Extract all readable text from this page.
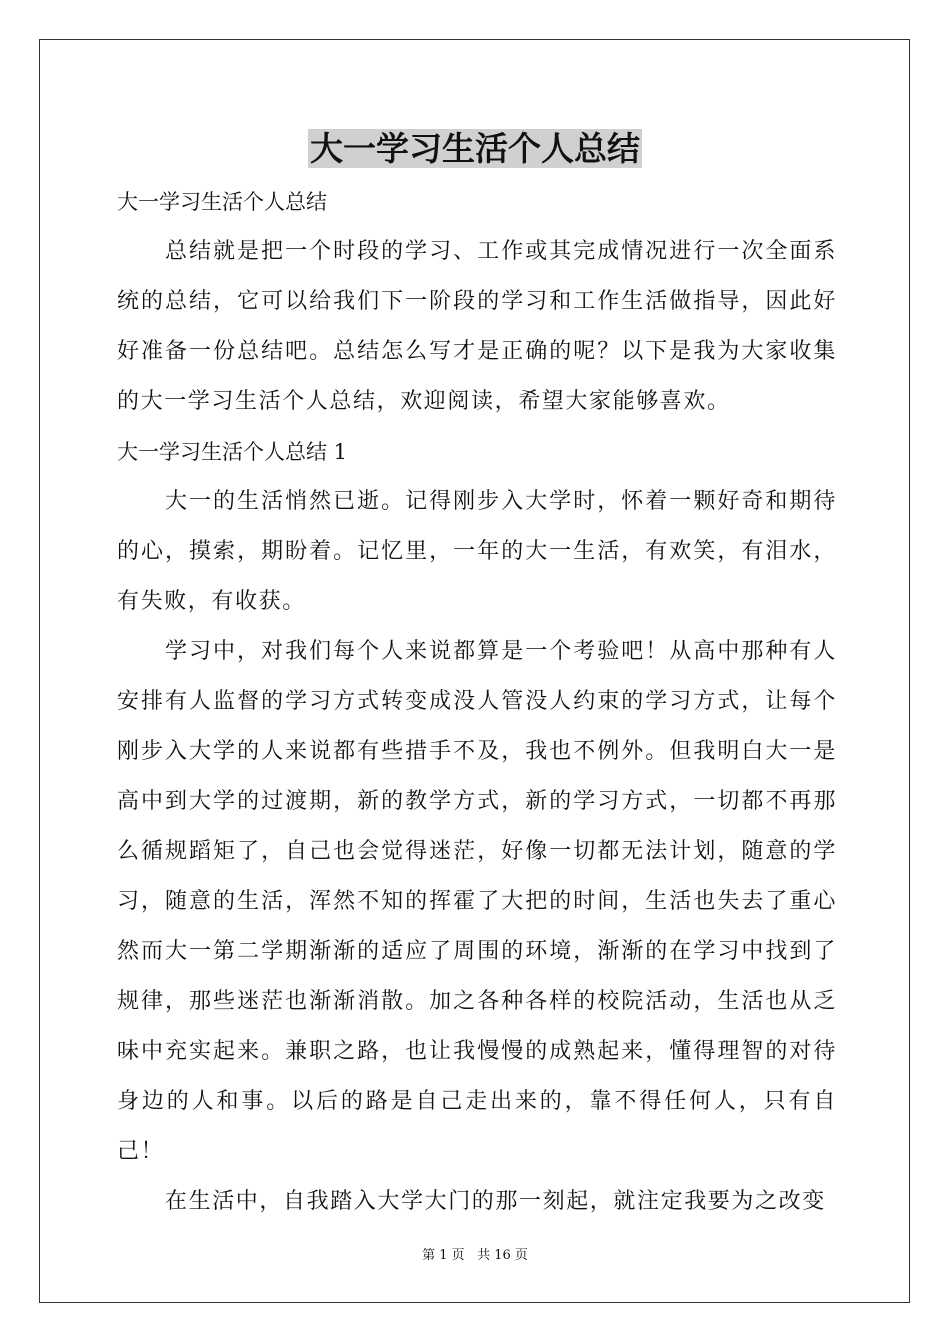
大一学习生活个人总结

大一学习生活个人总结

总结就是把一个时段的学习、工作或其完成情况进行一次全面系统的总结，它可以给我们下一阶段的学习和工作生活做指导，因此好好准备一份总结吧。总结怎么写才是正确的呢？以下是我为大家收集的大一学习生活个人总结，欢迎阅读，希望大家能够喜欢。

大一学习生活个人总结 1

大一的生活悄然已逝。记得刚步入大学时，怀着一颗好奇和期待的心，摸索，期盼着。记忆里，一年的大一生活，有欢笑，有泪水，有失败，有收获。

学习中，对我们每个人来说都算是一个考验吧！从高中那种有人安排有人监督的学习方式转变成没人管没人约束的学习方式，让每个刚步入大学的人来说都有些措手不及，我也不例外。但我明白大一是高中到大学的过渡期，新的教学方式，新的学习方式，一切都不再那么循规蹈矩了，自己也会觉得迷茫，好像一切都无法计划，随意的学习，随意的生活，浑然不知的挥霍了大把的时间，生活也失去了重心然而大一第二学期渐渐的适应了周围的环境，渐渐的在学习中找到了规律，那些迷茫也渐渐消散。加之各种各样的校院活动，生活也从乏味中充实起来。兼职之路，也让我慢慢的成熟起来，懂得理智的对待身边的人和事。以后的路是自己走出来的，靠不得任何人，只有自己！

在生活中，自我踏入大学大门的那一刻起，就注定我要为之改变

第 1 页 共 16 页
